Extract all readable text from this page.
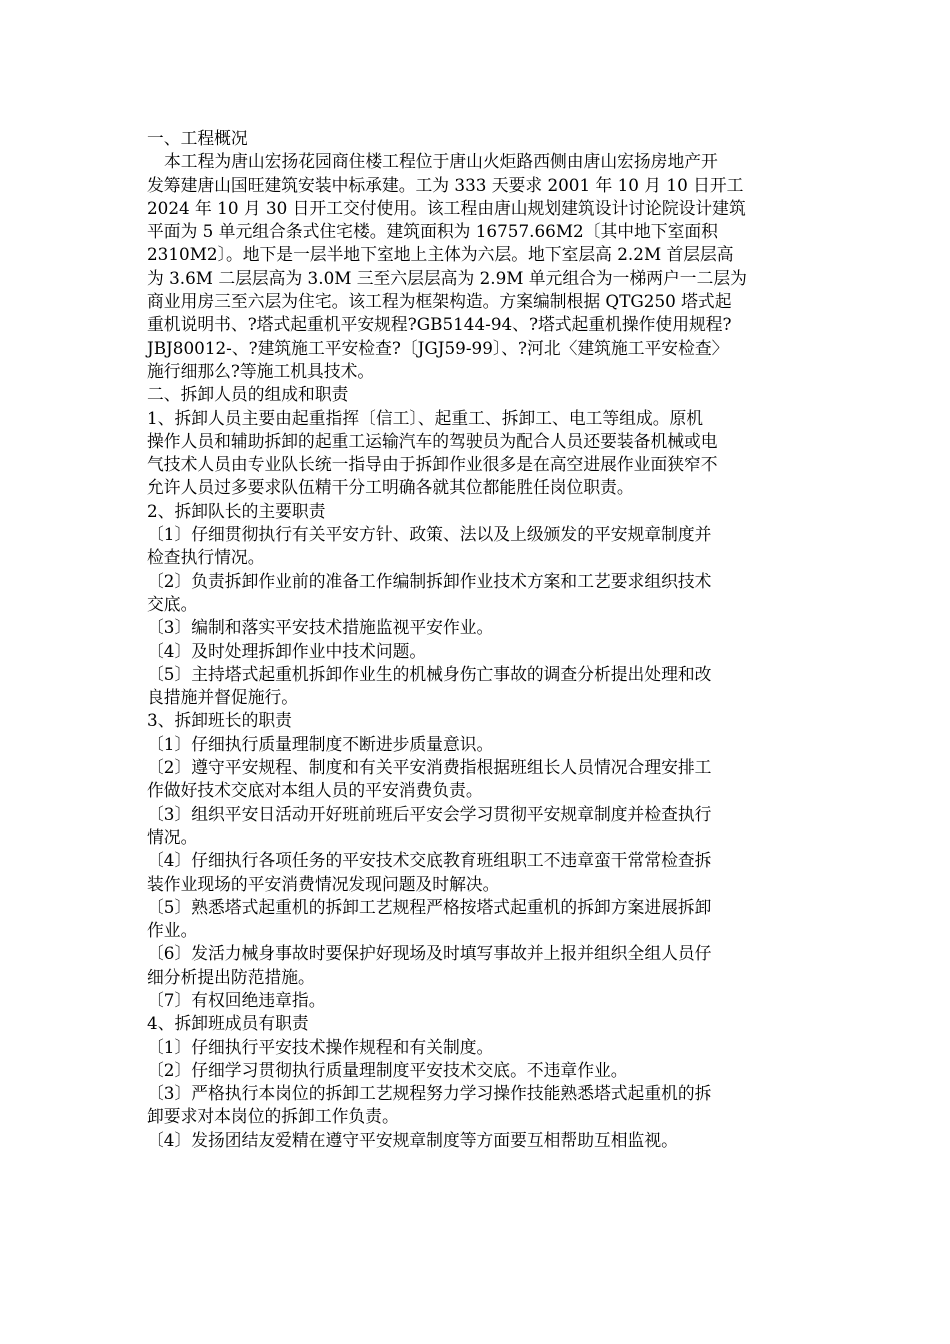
一、工程概况
本工程为唐山宏扬花园商住楼工程位于唐山火炬路西侧由唐山宏扬房地产开
发筹建唐山国旺建筑安装中标承建。工为 333 天要求 2001 年 10 月 10 日开工
2024 年 10 月 30 日开工交付使用。该工程由唐山规划建筑设计讨论院设计建筑
平面为 5 单元组合条式住宅楼。建筑面积为 16757.66M2〔其中地下室面积
2310M2〕。地下是一层半地下室地上主体为六层。地下室层高 2.2M 首层层高
为 3.6M 二层层高为 3.0M 三至六层层高为 2.9M 单元组合为一梯两户一二层为
商业用房三至六层为住宅。该工程为框架构造。方案编制根据 QTG250 塔式起
重机说明书、?塔式起重机平安规程?GB5144-94、?塔式起重机操作使用规程?
JBJ80012-、?建筑施工平安检查?〔JGJ59-99〕、?河北〈建筑施工平安检查〉
施行细那么?等施工机具技术。
二、拆卸人员的组成和职责
1、拆卸人员主要由起重指挥〔信工〕、起重工、拆卸工、电工等组成。原机
操作人员和辅助拆卸的起重工运输汽车的驾驶员为配合人员还要装备机械或电
气技术人员由专业队长统一指导由于拆卸作业很多是在高空进展作业面狭窄不
允许人员过多要求队伍精干分工明确各就其位都能胜任岗位职责。
2、拆卸队长的主要职责
〔1〕仔细贯彻执行有关平安方针、政策、法以及上级颁发的平安规章制度并
检查执行情况。
〔2〕负责拆卸作业前的准备工作编制拆卸作业技术方案和工艺要求组织技术
交底。
〔3〕编制和落实平安技术措施监视平安作业。
〔4〕及时处理拆卸作业中技术问题。
〔5〕主持塔式起重机拆卸作业生的机械身伤亡事故的调查分析提出处理和改
良措施并督促施行。
3、拆卸班长的职责
〔1〕仔细执行质量理制度不断进步质量意识。
〔2〕遵守平安规程、制度和有关平安消费指根据班组长人员情况合理安排工
作做好技术交底对本组人员的平安消费负责。
〔3〕组织平安日活动开好班前班后平安会学习贯彻平安规章制度并检查执行
情况。
〔4〕仔细执行各项任务的平安技术交底教育班组职工不违章蛮干常常检查拆
装作业现场的平安消费情况发现问题及时解决。
〔5〕熟悉塔式起重机的拆卸工艺规程严格按塔式起重机的拆卸方案进展拆卸
作业。
〔6〕发活力械身事故时要保护好现场及时填写事故并上报并组织全组人员仔
细分析提出防范措施。
〔7〕有权回绝违章指。
4、拆卸班成员有职责
〔1〕仔细执行平安技术操作规程和有关制度。
〔2〕仔细学习贯彻执行质量理制度平安技术交底。不违章作业。
〔3〕严格执行本岗位的拆卸工艺规程努力学习操作技能熟悉塔式起重机的拆
卸要求对本岗位的拆卸工作负责。
〔4〕发扬团结友爱精在遵守平安规章制度等方面要互相帮助互相监视。
